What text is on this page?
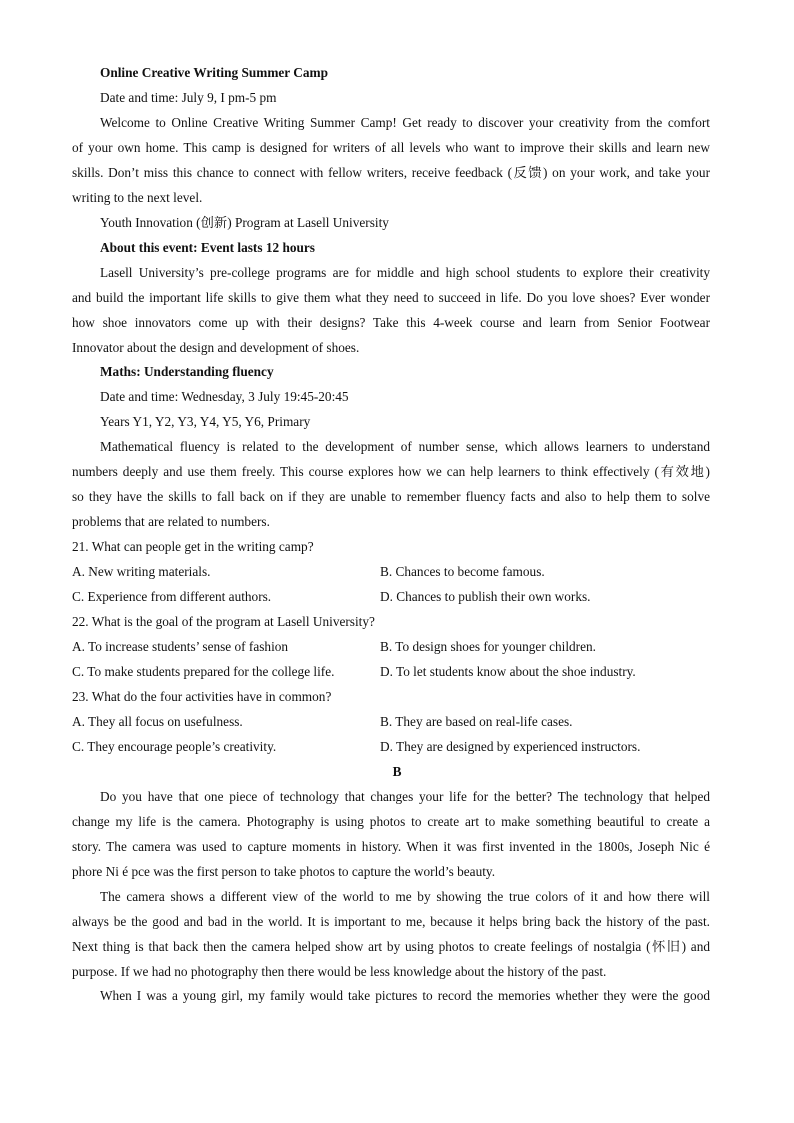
Online Creative Writing Summer Camp
Date and time: July 9, I pm-5 pm
Welcome to Online Creative Writing Summer Camp! Get ready to discover your creativity from the comfort
of your own home. This camp is designed for writers of all levels who want to improve their skills and learn new
skills. Don’t miss this chance to connect with fellow writers, receive feedback (反馈) on your work, and take your
writing to the next level.
Youth Innovation (创新) Program at Lasell University
About this event: Event lasts 12 hours
Lasell University’s pre-college programs are for middle and high school students to explore their creativity
and build the important life skills to give them what they need to succeed in life. Do you love shoes? Ever wonder
how shoe innovators come up with their designs? Take this 4-week course and learn from Senior Footwear
Innovator about the design and development of shoes.
Maths: Understanding fluency
Date and time: Wednesday, 3 July 19:45-20:45
Years Y1, Y2, Y3, Y4, Y5, Y6, Primary
Mathematical fluency is related to the development of number sense, which allows learners to understand
numbers deeply and use them freely. This course explores how we can help learners to think effectively (有效地)
so they have the skills to fall back on if they are unable to remember fluency facts and also to help them to solve
problems that are related to numbers.
21. What can people get in the writing camp?
A. New writing materials.	B. Chances to become famous.
C. Experience from different authors.	D. Chances to publish their own works.
22. What is the goal of the program at Lasell University?
A. To increase students’ sense of fashion	B. To design shoes for younger children.
C. To make students prepared for the college life.	D. To let students know about the shoe industry.
23. What do the four activities have in common?
A. They all focus on usefulness.	B. They are based on real-life cases.
C. They encourage people’s creativity.	D. They are designed by experienced instructors.
B
Do you have that one piece of technology that changes your life for the better? The technology that helped
change my life is the camera. Photography is using photos to create art to make something beautiful to create a
story. The camera was used to capture moments in history. When it was first invented in the 1800s, Joseph Nic é
phore Ni é pce was the first person to take photos to capture the world’s beauty.
The camera shows a different view of the world to me by showing the true colors of it and how there will
always be the good and bad in the world. It is important to me, because it helps bring back the history of the past.
Next thing is that back then the camera helped show art by using photos to create feelings of nostalgia (怀旧) and
purpose. If we had no photography then there would be less knowledge about the history of the past.
When I was a young girl, my family would take pictures to record the memories whether they were the good
